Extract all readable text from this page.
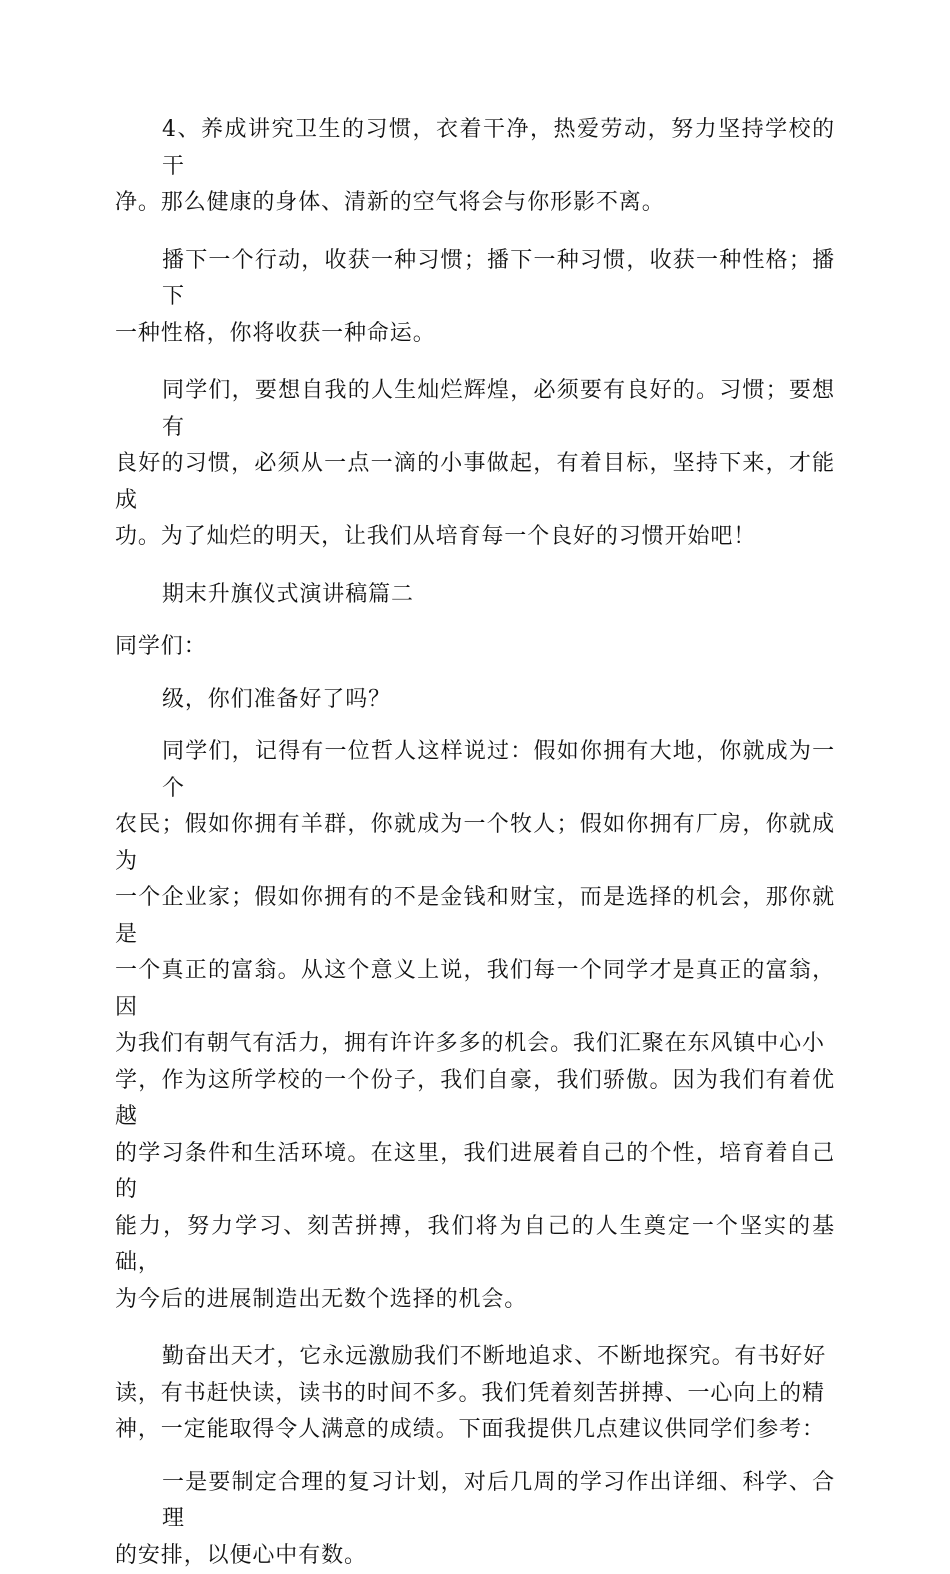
4、养成讲究卫生的习惯，衣着干净，热爱劳动，努力坚持学校的干
净。那么健康的身体、清新的空气将会与你形影不离。

播下一个行动，收获一种习惯；播下一种习惯，收获一种性格；播下
一种性格，你将收获一种命运。

同学们，要想自我的人生灿烂辉煌，必须要有良好的。习惯；要想有
良好的习惯，必须从一点一滴的小事做起，有着目标，坚持下来，才能成
功。为了灿烂的明天，让我们从培育每一个良好的习惯开始吧！

期末升旗仪式演讲稿篇二

同学们：

级，你们准备好了吗？

同学们，记得有一位哲人这样说过：假如你拥有大地，你就成为一个
农民；假如你拥有羊群，你就成为一个牧人；假如你拥有厂房，你就成为
一个企业家；假如你拥有的不是金钱和财宝，而是选择的机会，那你就是
一个真正的富翁。从这个意义上说，我们每一个同学才是真正的富翁，因
为我们有朝气有活力，拥有许许多多的机会。我们汇聚在东风镇中心小
学，作为这所学校的一个份子，我们自豪，我们骄傲。因为我们有着优越
的学习条件和生活环境。在这里，我们进展着自己的个性，培育着自己的
能力，努力学习、刻苦拼搏，我们将为自己的人生奠定一个坚实的基础，
为今后的进展制造出无数个选择的机会。

勤奋出天才，它永远激励我们不断地追求、不断地探究。有书好好
读，有书赶快读，读书的时间不多。我们凭着刻苦拼搏、一心向上的精
神，一定能取得令人满意的成绩。下面我提供几点建议供同学们参考：

一是要制定合理的复习计划，对后几周的学习作出详细、科学、合理
的安排，以便心中有数。
